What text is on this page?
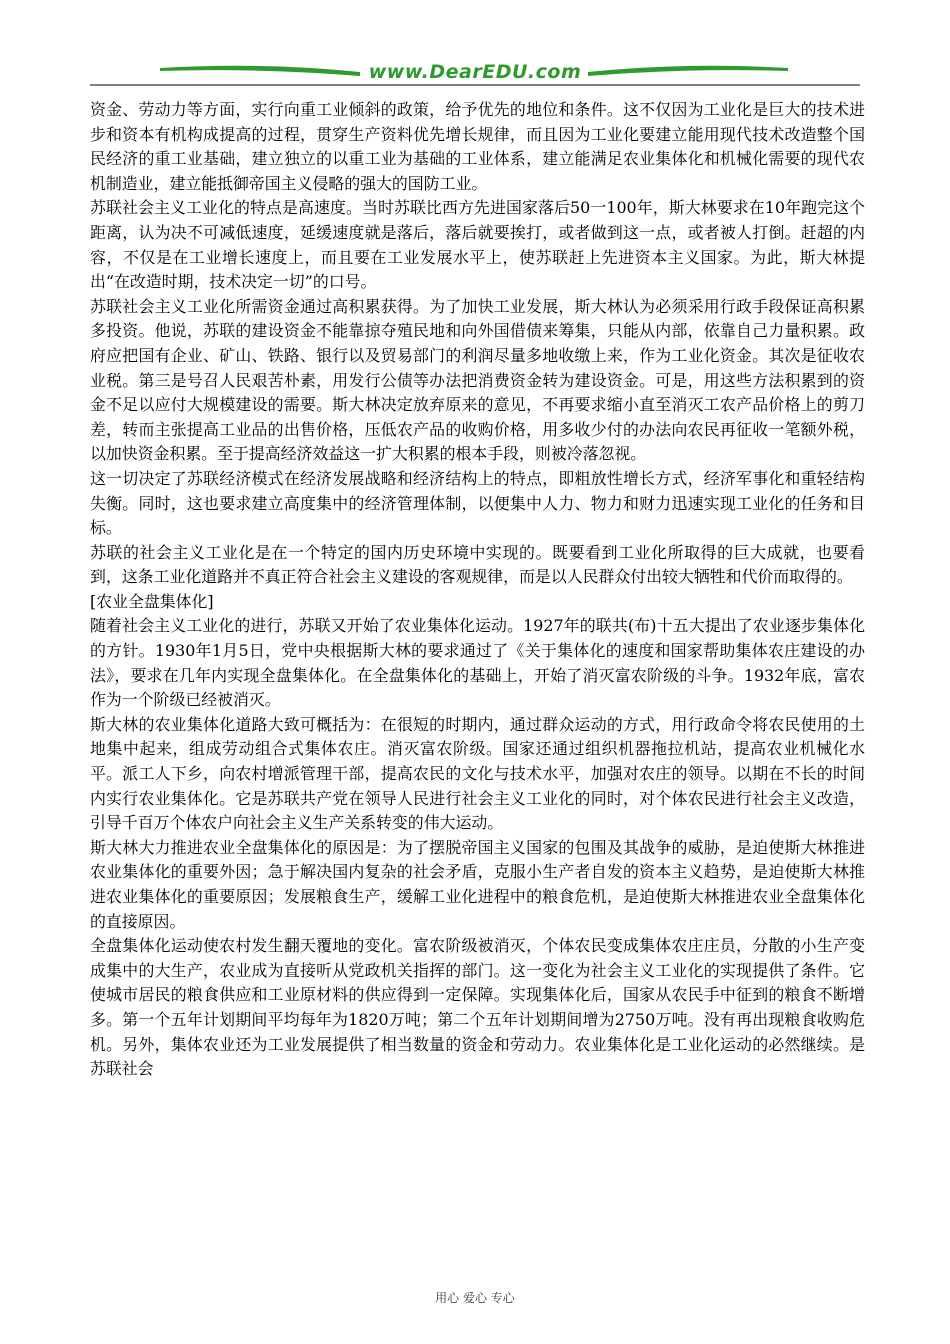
www.DearEDU.com

资金、劳动力等方面，实行向重工业倾斜的政策，给予优先的地位和条件。这不仅因为工业化是巨大的技术进步和资本有机构成提高的过程，贯穿生产资料优先增长规律，而且因为工业化要建立能用现代技术改造整个国民经济的重工业基础，建立独立的以重工业为基础的工业体系，建立能满足农业集体化和机械化需要的现代农机制造业，建立能抵御帝国主义侵略的强大的国防工业。

苏联社会主义工业化的特点是高速度。当时苏联比西方先进国家落后50一100年，斯大林要求在10年跑完这个距离，认为决不可减低速度，延缓速度就是落后，落后就要挨打，或者做到这一点，或者被人打倒。赶超的内容，不仅是在工业增长速度上，而且要在工业发展水平上，使苏联赶上先进资本主义国家。为此，斯大林提出“在改造时期，技术决定一切”的口号。

苏联社会主义工业化所需资金通过高积累获得。为了加快工业发展，斯大林认为必须采用行政手段保证高积累多投资。他说，苏联的建设资金不能靠掠夺殖民地和向外国借债来筹集，只能从内部，依靠自己力量积累。政府应把国有企业、矿山、铁路、银行以及贸易部门的利润尽量多地收缴上来，作为工业化资金。其次是征收农业税。第三是号召人民艰苦朴素，用发行公债等办法把消费资金转为建设资金。可是，用这些方法积累到的资金不足以应付大规模建设的需要。斯大林决定放弃原来的意见，不再要求缩小直至消灭工农产品价格上的剪刀差，转而主张提高工业品的出售价格，压低农产品的收购价格，用多收少付的办法向农民再征收一笔额外税，以加快资金积累。至于提高经济效益这一扩大积累的根本手段，则被冷落忽视。

这一切决定了苏联经济模式在经济发展战略和经济结构上的特点，即粗放性增长方式，经济军事化和重轻结构失衡。同时，这也要求建立高度集中的经济管理体制，以便集中人力、物力和财力迅速实现工业化的任务和目标。

苏联的社会主义工业化是在一个特定的国内历史环境中实现的。既要看到工业化所取得的巨大成就，也要看到，这条工业化道路并不真正符合社会主义建设的客观规律，而是以人民群众付出较大牺牲和代价而取得的。

[农业全盘集体化]

随着社会主义工业化的进行，苏联又开始了农业集体化运动。1927年的联共(布)十五大提出了农业逐步集体化的方针。1930年1月5日，党中央根据斯大林的要求通过了《关于集体化的速度和国家帮助集体农庄建设的办法》，要求在几年内实现全盘集体化。在全盘集体化的基础上，开始了消灭富农阶级的斗争。1932年底，富农作为一个阶级已经被消灭。

斯大林的农业集体化道路大致可概括为：在很短的时期内，通过群众运动的方式，用行政命令将农民使用的土地集中起来，组成劳动组合式集体农庄。消灭富农阶级。国家还通过组织机器拖拉机站，提高农业机械化水平。派工人下乡，向农村增派管理干部，提高农民的文化与技术水平，加强对农庄的领导。以期在不长的时间内实行农业集体化。它是苏联共产党在领导人民进行社会主义工业化的同时，对个体农民进行社会主义改造，引导千百万个体农户向社会主义生产关系转变的伟大运动。

斯大林大力推进农业全盘集体化的原因是：为了摆脱帝国主义国家的包围及其战争的威胁，是迫使斯大林推进农业集体化的重要外因；急于解决国内复杂的社会矛盾，克服小生产者自发的资本主义趋势，是迫使斯大林推进农业集体化的重要原因；发展粮食生产，缓解工业化进程中的粮食危机，是迫使斯大林推进农业全盘集体化的直接原因。

全盘集体化运动使农村发生翻天覆地的变化。富农阶级被消灭，个体农民变成集体农庄庄员，分散的小生产变成集中的大生产，农业成为直接听从党政机关指挥的部门。这一变化为社会主义工业化的实现提供了条件。它使城市居民的粮食供应和工业原材料的供应得到一定保障。实现集体化后，国家从农民手中征到的粮食不断增多。第一个五年计划期间平均每年为1820万吨；第二个五年计划期间增为2750万吨。没有再出现粮食收购危机。另外，集体农业还为工业发展提供了相当数量的资金和劳动力。农业集体化是工业化运动的必然继续。是苏联社会

用心 爱心 专心
